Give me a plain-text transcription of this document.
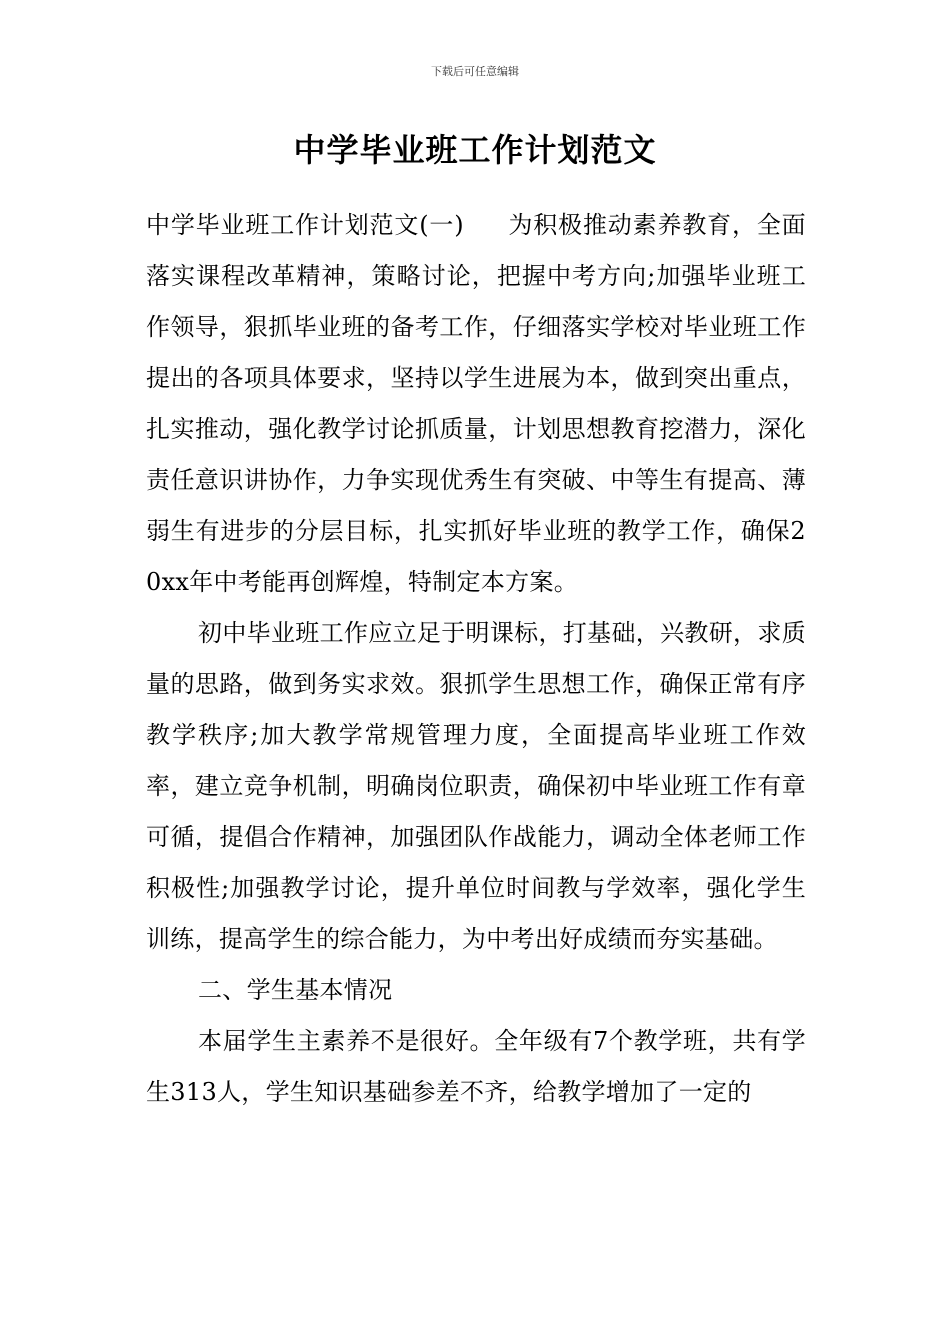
下载后可任意编辑
中学毕业班工作计划范文

中学毕业班工作计划范文(一) 为积极推动素养教育，全面落实课程改革精神，策略讨论，把握中考方向;加强毕业班工作领导，狠抓毕业班的备考工作，仔细落实学校对毕业班工作提出的各项具体要求，坚持以学生进展为本，做到突出重点，扎实推动，强化教学讨论抓质量，计划思想教育挖潜力，深化责任意识讲协作，力争实现优秀生有突破、中等生有提高、薄弱生有进步的分层目标，扎实抓好毕业班的教学工作，确保20xx年中考能再创辉煌，特制定本方案。

初中毕业班工作应立足于明课标，打基础，兴教研，求质量的思路，做到务实求效。狠抓学生思想工作，确保正常有序教学秩序;加大教学常规管理力度，全面提高毕业班工作效率，建立竞争机制，明确岗位职责，确保初中毕业班工作有章可循，提倡合作精神，加强团队作战能力，调动全体老师工作积极性;加强教学讨论，提升单位时间教与学效率，强化学生训练，提高学生的综合能力，为中考出好成绩而夯实基础。

二、学生基本情况

本届学生主素养不是很好。全年级有7个教学班，共有学生313人，学生知识基础参差不齐，给教学增加了一定的
